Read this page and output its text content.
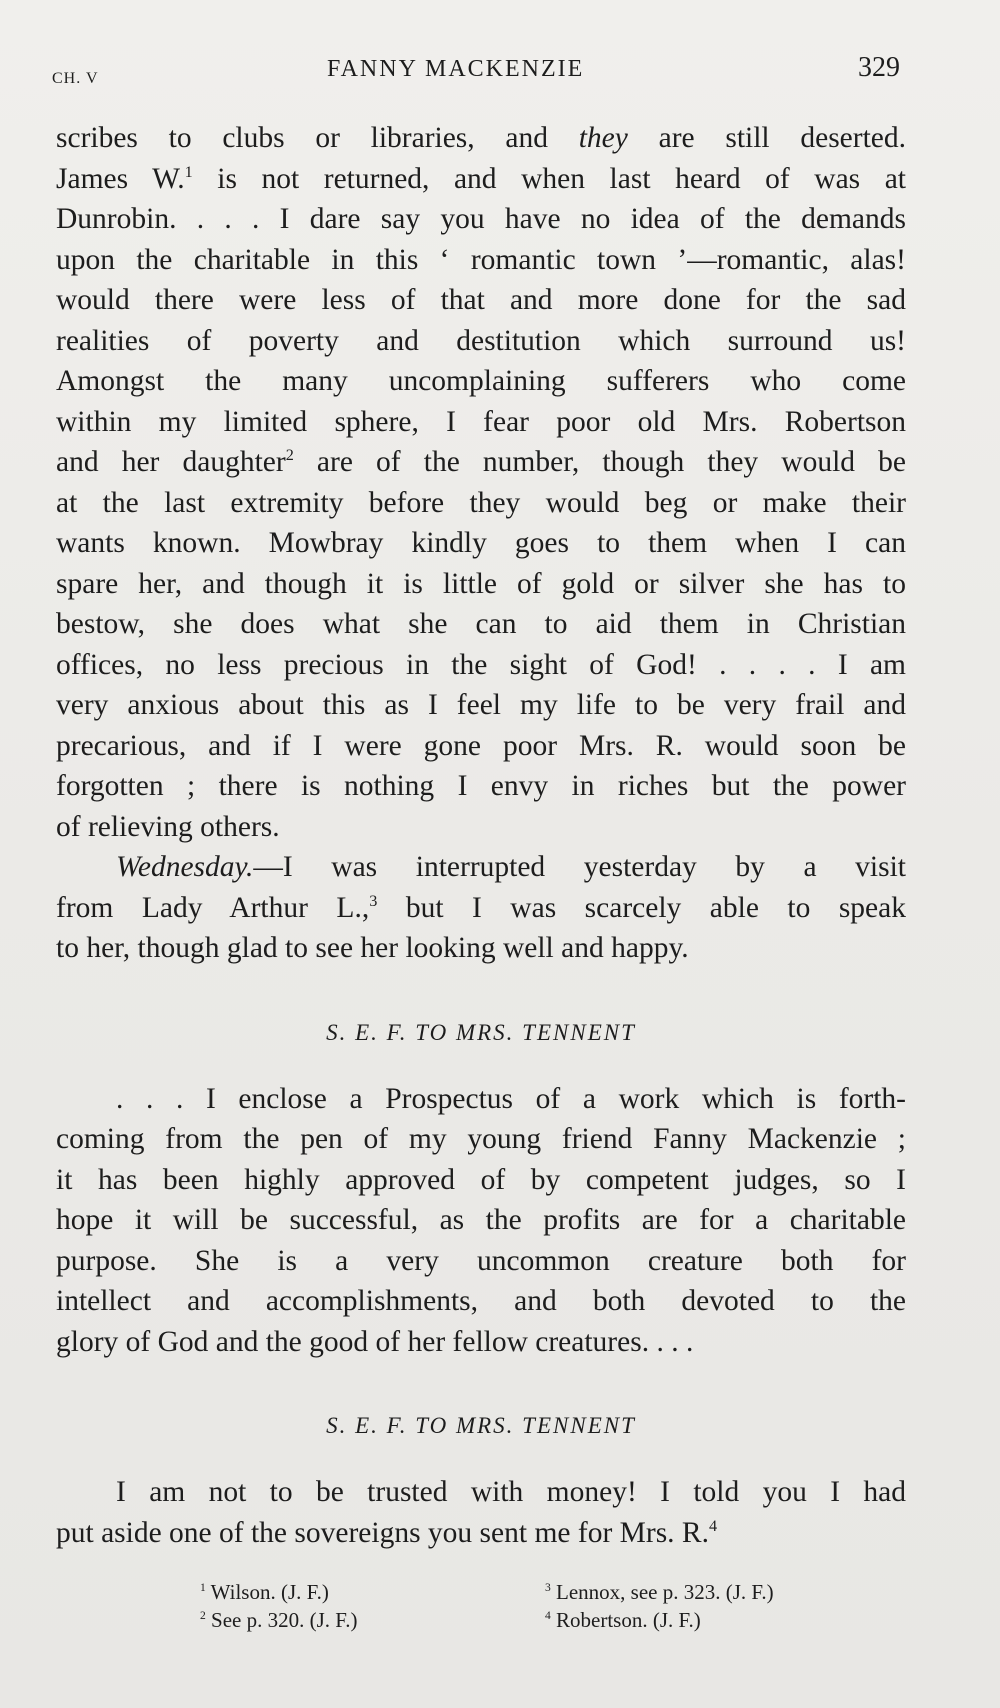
CH. V	FANNY MACKENZIE	329
scribes to clubs or libraries, and they are still deserted.
James W.$^1$ is not returned, and when last heard of was at
Dunrobin. . . . I dare say you have no idea of the demands
upon the charitable in this ‘ romantic town ’—romantic, alas!
would there were less of that and more done for the sad
realities of poverty and destitution which surround us!
Amongst the many uncomplaining sufferers who come
within my limited sphere, I fear poor old Mrs. Robertson
and her daughter$^2$ are of the number, though they would be
at the last extremity before they would beg or make their
wants known. Mowbray kindly goes to them when I can
spare her, and though it is little of gold or silver she has to
bestow, she does what she can to aid them in Christian
offices, no less precious in the sight of God! . . . . I am
very anxious about this as I feel my life to be very frail and
precarious, and if I were gone poor Mrs. R. would soon be
forgotten ; there is nothing I envy in riches but the power
of relieving others.
Wednesday.—I was interrupted yesterday by a visit
from Lady Arthur L.,$^3$ but I was scarcely able to speak
to her, though glad to see her looking well and happy.
S. E. F. TO MRS. TENNENT
. . . I enclose a Prospectus of a work which is forth-
coming from the pen of my young friend Fanny Mackenzie ;
it has been highly approved of by competent judges, so I
hope it will be successful, as the profits are for a charitable
purpose. She is a very uncommon creature both for
intellect and accomplishments, and both devoted to the
glory of God and the good of her fellow creatures. . . .
S. E. F. TO MRS. TENNENT
I am not to be trusted with money! I told you I had
put aside one of the sovereigns you sent me for Mrs. R.$^4$
$^1$ Wilson. (J. F.)
$^2$ See p. 320. (J. F.)
$^3$ Lennox, see p. 323. (J. F.)
$^4$ Robertson. (J. F.)
